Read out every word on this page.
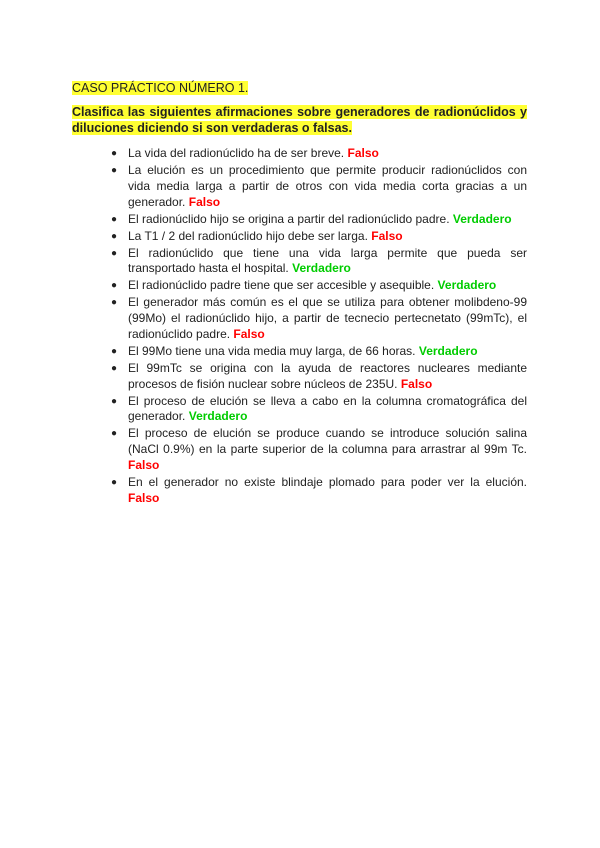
CASO PRÁCTICO NÚMERO 1.

Clasifica las siguientes afirmaciones sobre generadores de radionúclidos y diluciones diciendo si son verdaderas o falsas.

● La vida del radionúclido ha de ser breve. Falso
● La elución es un procedimiento que permite producir radionúclidos con vida media larga a partir de otros con vida media corta gracias a un generador. Falso
● El radionúclido hijo se origina a partir del radionúclido padre. Verdadero
● La T1 / 2 del radionúclido hijo debe ser larga. Falso
● El radionúclido que tiene una vida larga permite que pueda ser transportado hasta el hospital. Verdadero
● El radionúclido padre tiene que ser accesible y asequible. Verdadero
● El generador más común es el que se utiliza para obtener molibdeno-99 (99Mo) el radionúclido hijo, a partir de tecnecio pertecnetato (99mTc), el radionúclido padre. Falso
● El 99Mo tiene una vida media muy larga, de 66 horas. Verdadero
● El 99mTc se origina con la ayuda de reactores nucleares mediante procesos de fisión nuclear sobre núcleos de 235U. Falso
● El proceso de elución se lleva a cabo en la columna cromatográfica del generador. Verdadero
● El proceso de elución se produce cuando se introduce solución salina (NaCl 0.9%) en la parte superior de la columna para arrastrar al 99m Tc. Falso
● En el generador no existe blindaje plomado para poder ver la elución. Falso
